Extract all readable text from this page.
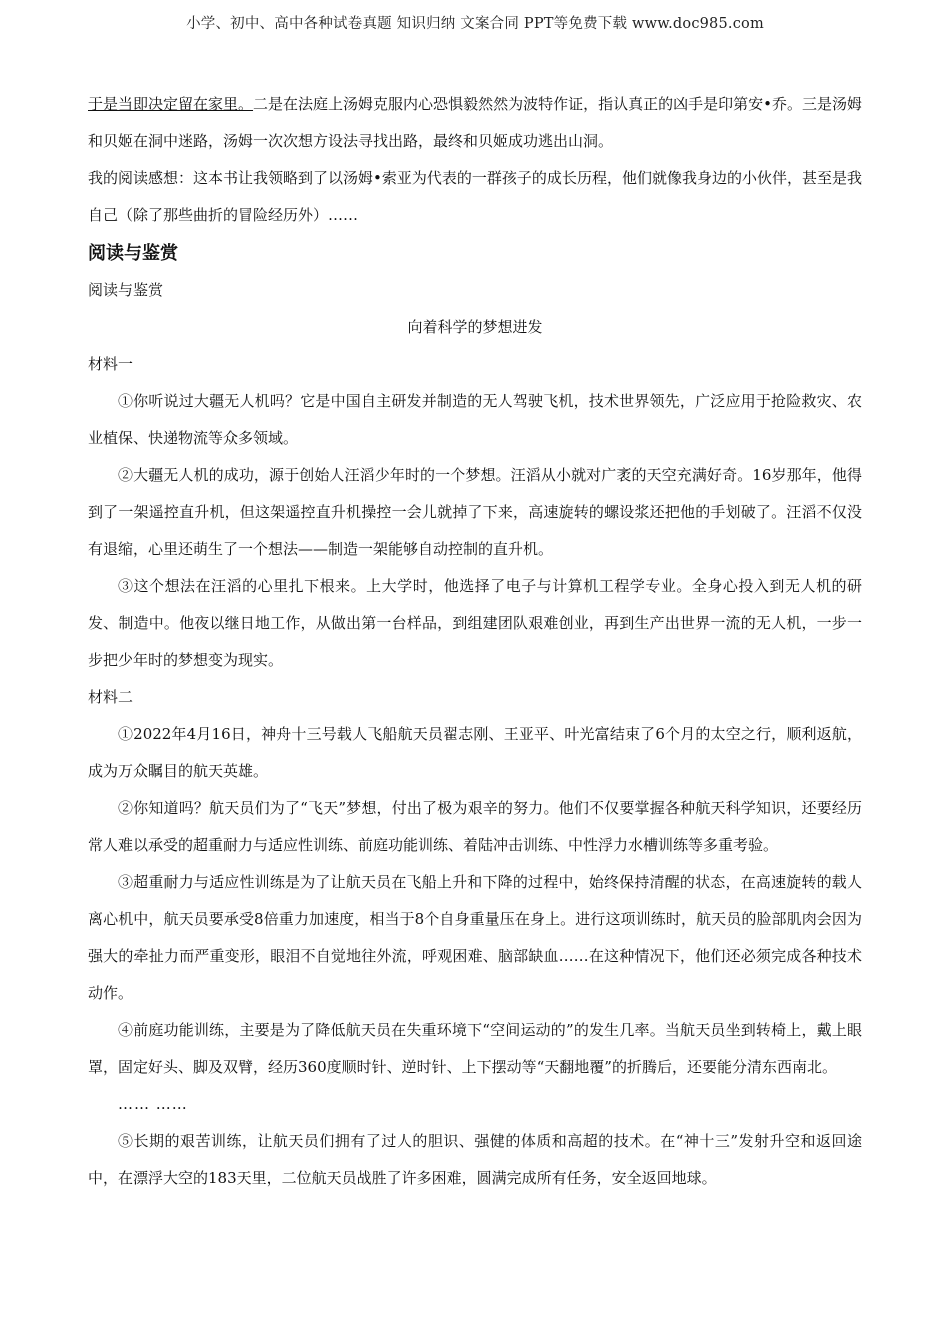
小学、初中、高中各种试卷真题 知识归纳 文案合同 PPT等免费下载 www.doc985.com

于是当即决定留在家里。二是在法庭上汤姆克服内心恐惧毅然然为波特作证，指认真正的凶手是印第安•乔。三是汤姆和贝姬在洞中迷路，汤姆一次次想方设法寻找出路，最终和贝姬成功逃出山洞。

我的阅读感想：这本书让我领略到了以汤姆•索亚为代表的一群孩子的成长历程，他们就像我身边的小伙伴，甚至是我自己（除了那些曲折的冒险经历外）……

阅读与鉴赏

阅读与鉴赏

向着科学的梦想进发

材料一

①你听说过大疆无人机吗？它是中国自主研发并制造的无人驾驶飞机，技术世界领先，广泛应用于抢险救灾、农业植保、快递物流等众多领域。

②大疆无人机的成功，源于创始人汪滔少年时的一个梦想。汪滔从小就对广袤的天空充满好奇。16岁那年，他得到了一架遥控直升机，但这架遥控直升机操控一会儿就掉了下来，高速旋转的螺设浆还把他的手划破了。汪滔不仅没有退缩，心里还萌生了一个想法——制造一架能够自动控制的直升机。

③这个想法在汪滔的心里扎下根来。上大学时，他选择了电子与计算机工程学专业。全身心投入到无人机的研发、制造中。他夜以继日地工作，从做出第一台样品，到组建团队艰难创业，再到生产出世界一流的无人机，一步一步把少年时的梦想变为现实。

材料二

①2022年4月16日，神舟十三号载人飞船航天员翟志刚、王亚平、叶光富结束了6个月的太空之行，顺利返航，成为万众瞩目的航天英雄。

②你知道吗？航天员们为了“飞天”梦想，付出了极为艰辛的努力。他们不仅要掌握各种航天科学知识，还要经历常人难以承受的超重耐力与适应性训练、前庭功能训练、着陆冲击训练、中性浮力水槽训练等多重考验。

③超重耐力与适应性训练是为了让航天员在飞船上升和下降的过程中，始终保持清醒的状态，在高速旋转的载人离心机中，航天员要承受8倍重力加速度，相当于8个自身重量压在身上。进行这项训练时，航天员的脸部肌肉会因为强大的牵扯力而严重变形，眼泪不自觉地往外流，呼观困难、脑部缺血……在这种情况下，他们还必须完成各种技术动作。

④前庭功能训练，主要是为了降低航天员在失重环境下“空间运动的”的发生几率。当航天员坐到转椅上，戴上眼罩，固定好头、脚及双臂，经历360度顺时针、逆时针、上下摆动等“天翻地覆”的折腾后，还要能分清东西南北。

…… ……

⑤长期的艰苦训练，让航天员们拥有了过人的胆识、强健的体质和高超的技术。在“神十三”发射升空和返回途中，在漂浮大空的183天里，二位航天员战胜了许多困难，圆满完成所有任务，安全返回地球。
